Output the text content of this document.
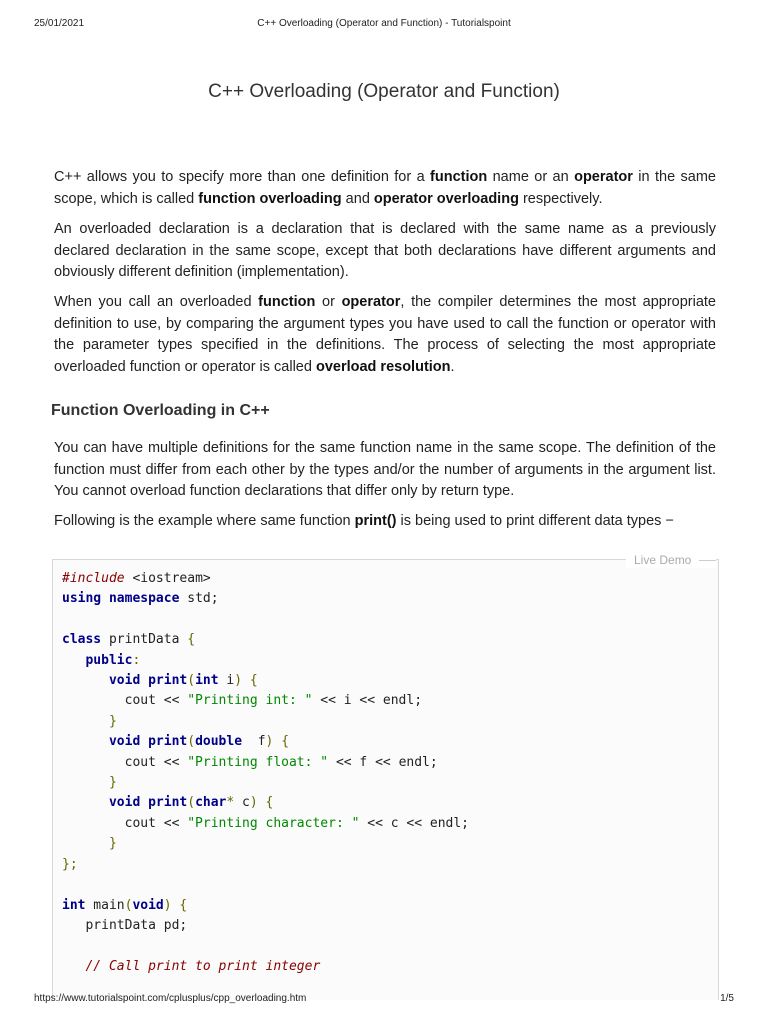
25/01/2021	C++ Overloading (Operator and Function) - Tutorialspoint
C++ Overloading (Operator and Function)

C++ allows you to specify more than one definition for a function name or an operator in the same scope, which is called function overloading and operator overloading respectively.

An overloaded declaration is a declaration that is declared with the same name as a previously declared declaration in the same scope, except that both declarations have different arguments and obviously different definition (implementation).

When you call an overloaded function or operator, the compiler determines the most appropriate definition to use, by comparing the argument types you have used to call the function or operator with the parameter types specified in the definitions. The process of selecting the most appropriate overloaded function or operator is called overload resolution.

Function Overloading in C++

You can have multiple definitions for the same function name in the same scope. The definition of the function must differ from each other by the types and/or the number of arguments in the argument list. You cannot overload function declarations that differ only by return type.

Following is the example where same function print() is being used to print different data types −

#include <iostream>
using namespace std;

class printData {
public:
void print(int i) {
cout << "Printing int: " << i << endl;
}
void print(double  f) {
cout << "Printing float: " << f << endl;
}
void print(char* c) {
cout << "Printing character: " << c << endl;
}
};

int main(void) {
printData pd;

// Call print to print integer

Live Demo
https://www.tutorialspoint.com/cplusplus/cpp_overloading.htm	1/5
